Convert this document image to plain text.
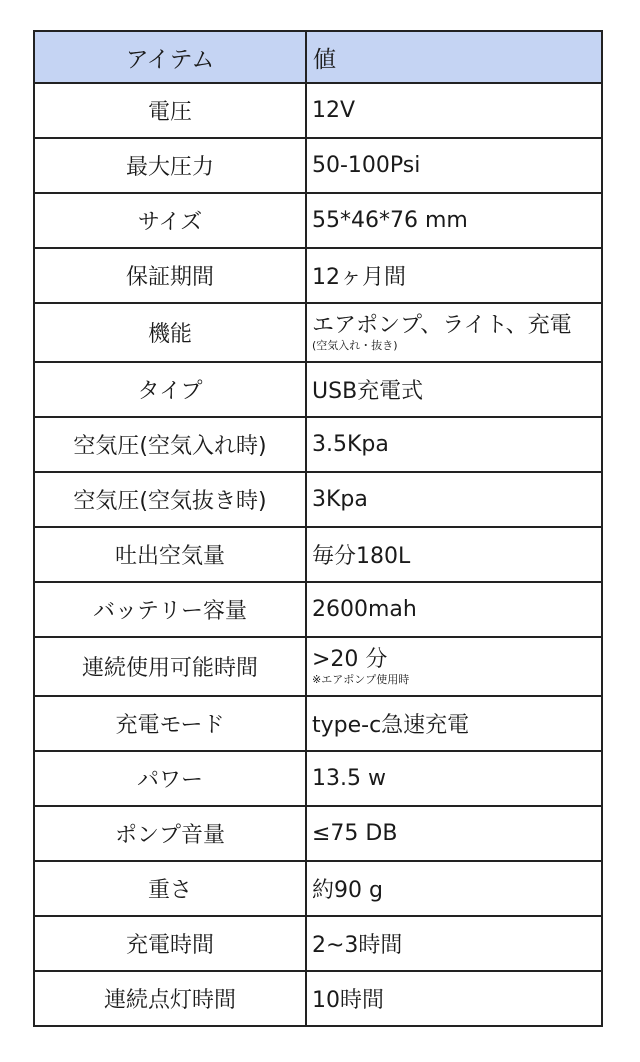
アイテム	値
電圧	12V
最大圧力	50-100Psi
サイズ	55*46*76 mm
保証期間	12ヶ月間
機能	エアポンプ、ライト、充電
(空気入れ・抜き)

タイプ	USB充電式
空気圧(空気入れ時)	3.5Kpa
空気圧(空気抜き時)	3Kpa
吐出空気量	毎分180L
バッテリー容量	2600mah
連続使用可能時間	>20 分
※エアポンプ使用時

充電モード	type-c急速充電
パワー	13.5 w
ポンプ音量	≤75 DB
重さ	約90 g
充電時間	2~3時間
連続点灯時間	10時間
